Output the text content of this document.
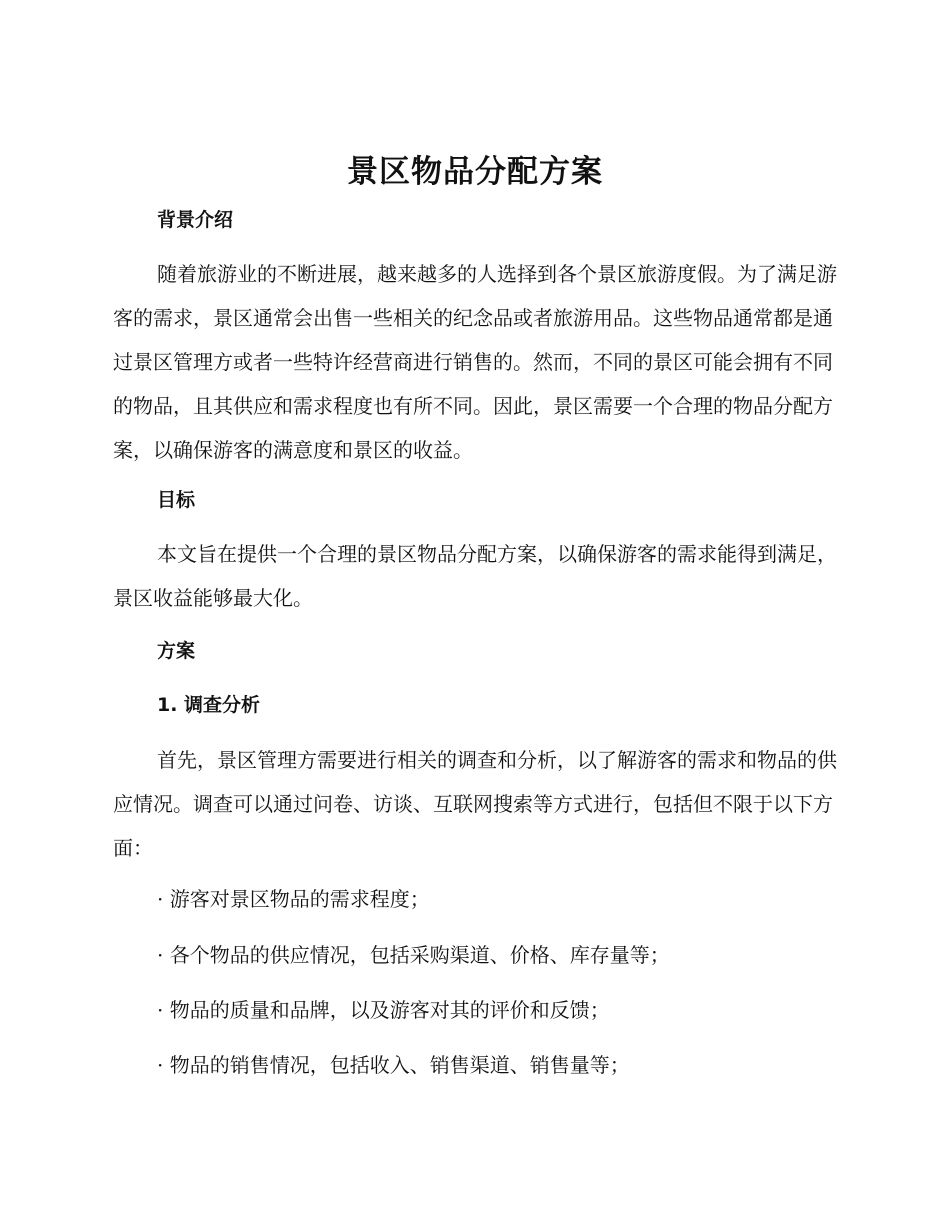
景区物品分配方案
背景介绍

随着旅游业的不断进展，越来越多的人选择到各个景区旅游度假。为了满足游客的需求，景区通常会出售一些相关的纪念品或者旅游用品。这些物品通常都是通过景区管理方或者一些特许经营商进行销售的。然而，不同的景区可能会拥有不同的物品，且其供应和需求程度也有所不同。因此，景区需要一个合理的物品分配方案，以确保游客的满意度和景区的收益。

目标

本文旨在提供一个合理的景区物品分配方案，以确保游客的需求能得到满足，景区收益能够最大化。

方案
1. 调查分析

首先，景区管理方需要进行相关的调查和分析，以了解游客的需求和物品的供应情况。调查可以通过问卷、访谈、互联网搜索等方式进行，包括但不限于以下方面：

· 游客对景区物品的需求程度；

· 各个物品的供应情况，包括采购渠道、价格、库存量等；

· 物品的质量和品牌，以及游客对其的评价和反馈；

· 物品的销售情况，包括收入、销售渠道、销售量等；
